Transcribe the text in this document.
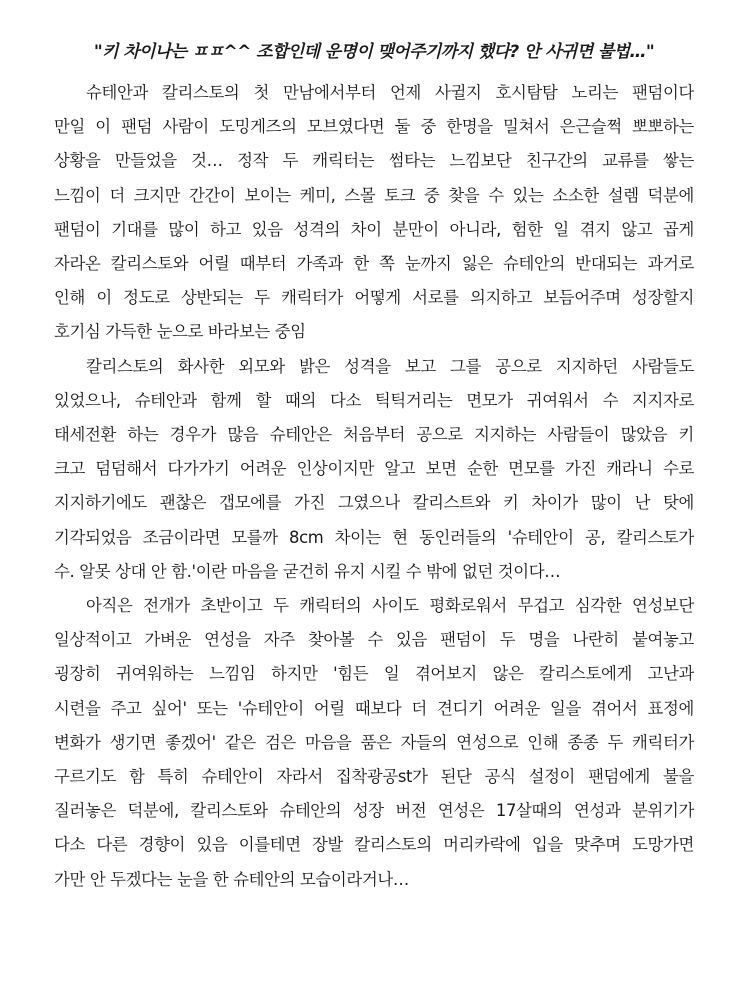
"키 차이나는 ㅍㅍ^^ 조합인데 운명이 맺어주기까지 했다? 안 사귀면 불법…"

슈테안과 칼리스토의 첫 만남에서부터 언제 사귈지 호시탐탐 노리는 팬덤이다
만일 이 팬덤 사람이 도밍게즈의 모브였다면 둘 중 한명을 밀쳐서 은근슬쩍 뽀뽀하는
상황을 만들었을 것… 정작 두 캐릭터는 썸타는 느낌보단 친구간의 교류를 쌓는
느낌이 더 크지만 간간이 보이는 케미, 스몰 토크 중 찾을 수 있는 소소한 설렘 덕분에
팬덤이 기대를 많이 하고 있음 성격의 차이 분만이 아니라, 험한 일 겪지 않고 곱게
자라온 칼리스토와 어릴 때부터 가족과 한 쪽 눈까지 잃은 슈테안의 반대되는 과거로
인해 이 정도로 상반되는 두 캐릭터가 어떻게 서로를 의지하고 보듬어주며 성장할지
호기심 가득한 눈으로 바라보는 중임

칼리스토의 화사한 외모와 밝은 성격을 보고 그를 공으로 지지하던 사람들도
있었으나, 슈테안과 함께 할 때의 다소 틱틱거리는 면모가 귀여워서 수 지지자로
태세전환 하는 경우가 많음 슈테안은 처음부터 공으로 지지하는 사람들이 많았음 키
크고 덤덤해서 다가가기 어려운 인상이지만 알고 보면 순한 면모를 가진 캐라니 수로
지지하기에도 괜찮은 갭모에를 가진 그였으나 칼리스트와 키 차이가 많이 난 탓에
기각되었음 조금이라면 모를까 8cm 차이는 현 동인러들의 '슈테안이 공, 칼리스토가
수. 알못 상대 안 함.'이란 마음을 굳건히 유지 시킬 수 밖에 없던 것이다…

아직은 전개가 초반이고 두 캐릭터의 사이도 평화로워서 무겁고 심각한 연성보단
일상적이고 가벼운 연성을 자주 찾아볼 수 있음 팬덤이 두 명을 나란히 붙여놓고
굉장히 귀여워하는 느낌임 하지만 '힘든 일 겪어보지 않은 칼리스토에게 고난과
시련을 주고 싶어' 또는 '슈테안이 어릴 때보다 더 견디기 어려운 일을 겪어서 표정에
변화가 생기면 좋겠어' 같은 검은 마음을 품은 자들의 연성으로 인해 종종 두 캐릭터가
구르기도 함 특히 슈테안이 자라서 집착광공st가 된단 공식 설정이 팬덤에게 불을
질러놓은 덕분에, 칼리스토와 슈테안의 성장 버전 연성은 17살때의 연성과 분위기가
다소 다른 경향이 있음 이를테면 장발 칼리스토의 머리카락에 입을 맞추며 도망가면
가만 안 두겠다는 눈을 한 슈테안의 모습이라거나…
